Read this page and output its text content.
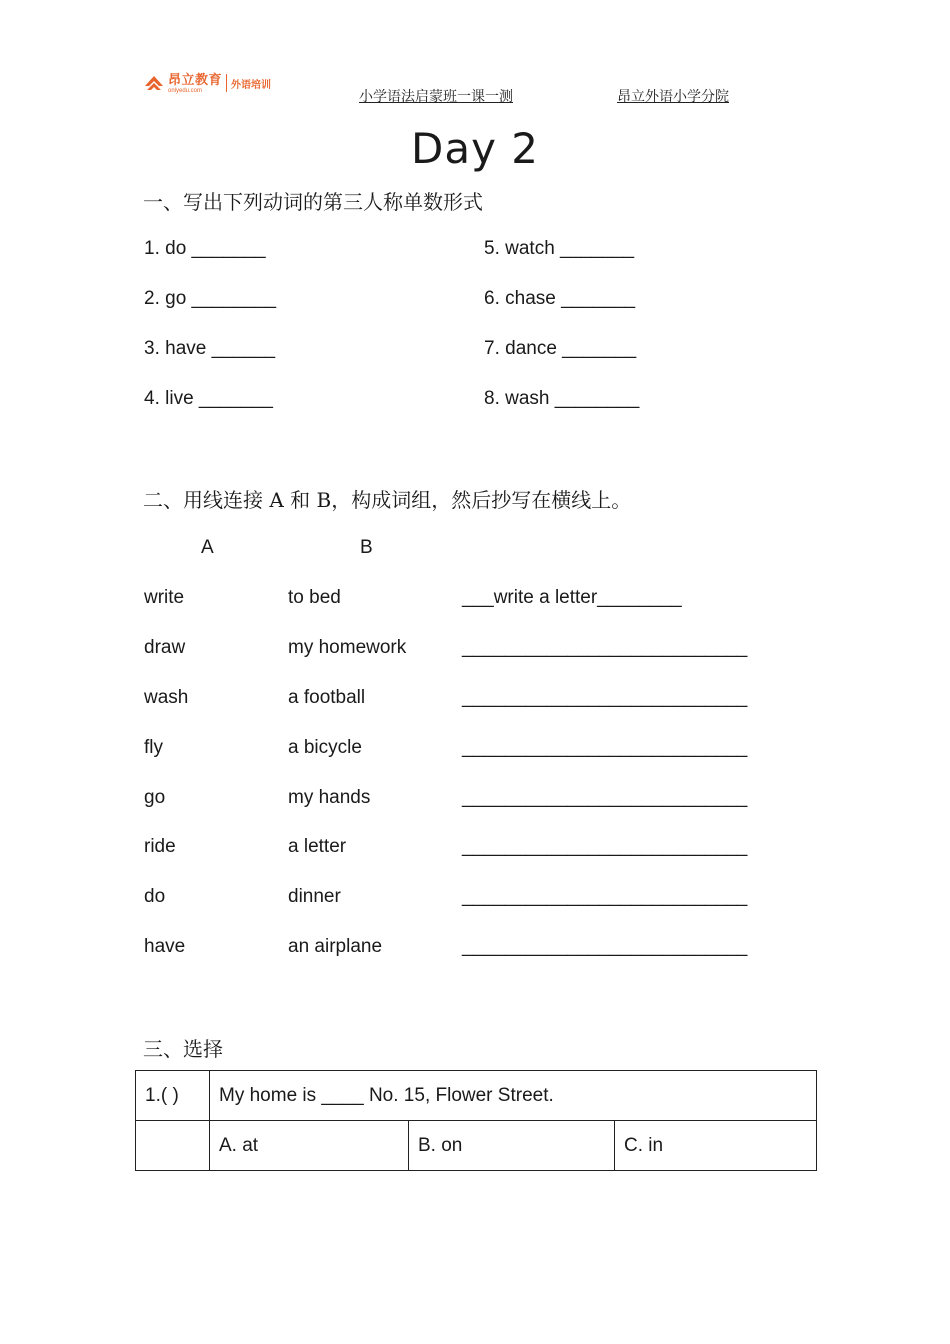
昂立教育
onlyedu.com	外语培训
小学语法启蒙班一课一测	昂立外语小学分院
Day 2
一、写出下列动词的第三人称单数形式
1. do _______
2. go ________
3. have ______
4. live _______
5. watch _______
6. chase _______
7. dance _______
8. wash ________
二、用线连接 A 和 B，构成词组，然后抄写在横线上。
A	B
write	to bed	___write a letter________
draw	my homework	___________________________
wash	a football	___________________________
fly	a bicycle	___________________________
go	my hands	___________________________
ride	a letter	___________________________
do	dinner	___________________________
have	an airplane	___________________________
三、选择
1.( )	My home is ____ No. 15, Flower Street.		
	A. at	B. on	C. in
